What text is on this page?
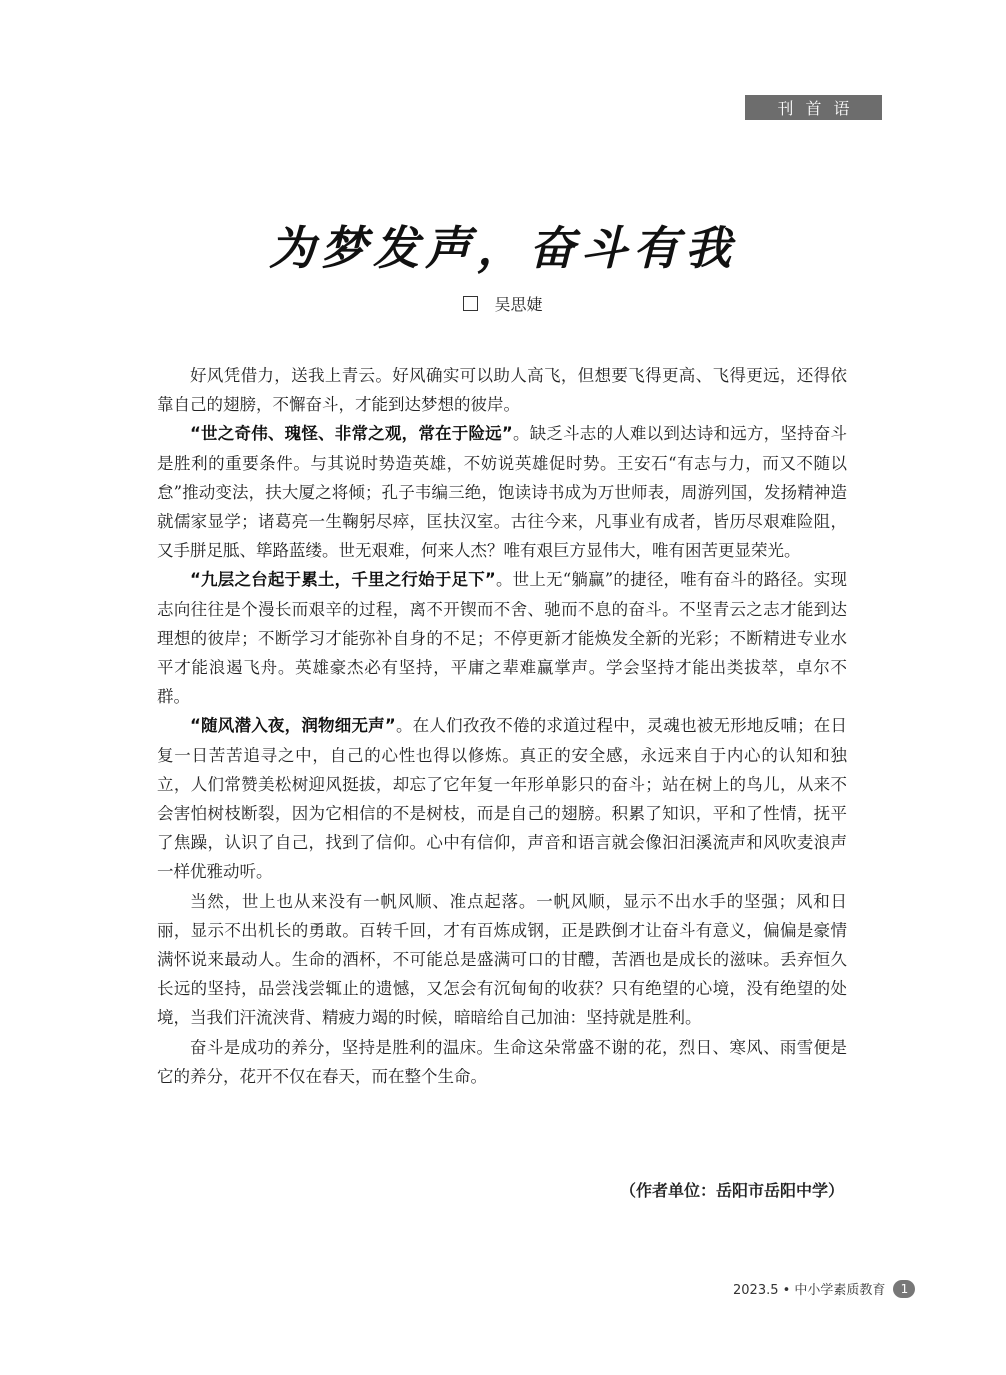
刊首语
为梦发声，奋斗有我
吴思婕

好风凭借力，送我上青云。好风确实可以助人高飞，但想要飞得更高、飞得更远，还得依靠自己的翅膀，不懈奋斗，才能到达梦想的彼岸。

“世之奇伟、瑰怪、非常之观，常在于险远”。缺乏斗志的人难以到达诗和远方，坚持奋斗是胜利的重要条件。与其说时势造英雄，不妨说英雄促时势。王安石“有志与力，而又不随以怠”推动变法，扶大厦之将倾；孔子韦编三绝，饱读诗书成为万世师表，周游列国，发扬精神造就儒家显学；诸葛亮一生鞠躬尽瘁，匡扶汉室。古往今来，凡事业有成者，皆历尽艰难险阻，又手胼足胝、筚路蓝缕。世无艰难，何来人杰？唯有艰巨方显伟大，唯有困苦更显荣光。

“九层之台起于累土，千里之行始于足下”。世上无“躺赢”的捷径，唯有奋斗的路径。实现志向往往是个漫长而艰辛的过程，离不开锲而不舍、驰而不息的奋斗。不坚青云之志才能到达理想的彼岸；不断学习才能弥补自身的不足；不停更新才能焕发全新的光彩；不断精进专业水平才能浪遏飞舟。英雄豪杰必有坚持，平庸之辈难赢掌声。学会坚持才能出类拔萃，卓尔不群。

“随风潜入夜，润物细无声”。在人们孜孜不倦的求道过程中，灵魂也被无形地反哺；在日复一日苦苦追寻之中，自己的心性也得以修炼。真正的安全感，永远来自于内心的认知和独立，人们常赞美松树迎风挺拔，却忘了它年复一年形单影只的奋斗；站在树上的鸟儿，从来不会害怕树枝断裂，因为它相信的不是树枝，而是自己的翅膀。积累了知识，平和了性情，抚平了焦躁，认识了自己，找到了信仰。心中有信仰，声音和语言就会像汩汩溪流声和风吹麦浪声一样优雅动听。

当然，世上也从来没有一帆风顺、准点起落。一帆风顺，显示不出水手的坚强；风和日丽，显示不出机长的勇敢。百转千回，才有百炼成钢，正是跌倒才让奋斗有意义，偏偏是豪情满怀说来最动人。生命的酒杯，不可能总是盛满可口的甘醴，苦酒也是成长的滋味。丢弃恒久长远的坚持，品尝浅尝辄止的遗憾，又怎会有沉甸甸的收获？只有绝望的心境，没有绝望的处境，当我们汗流浃背、精疲力竭的时候，暗暗给自己加油：坚持就是胜利。

奋斗是成功的养分，坚持是胜利的温床。生命这朵常盛不谢的花，烈日、寒风、雨雪便是它的养分，花开不仅在春天，而在整个生命。

（作者单位：岳阳市岳阳中学）
2023.5 • 中小学素质教育	1
